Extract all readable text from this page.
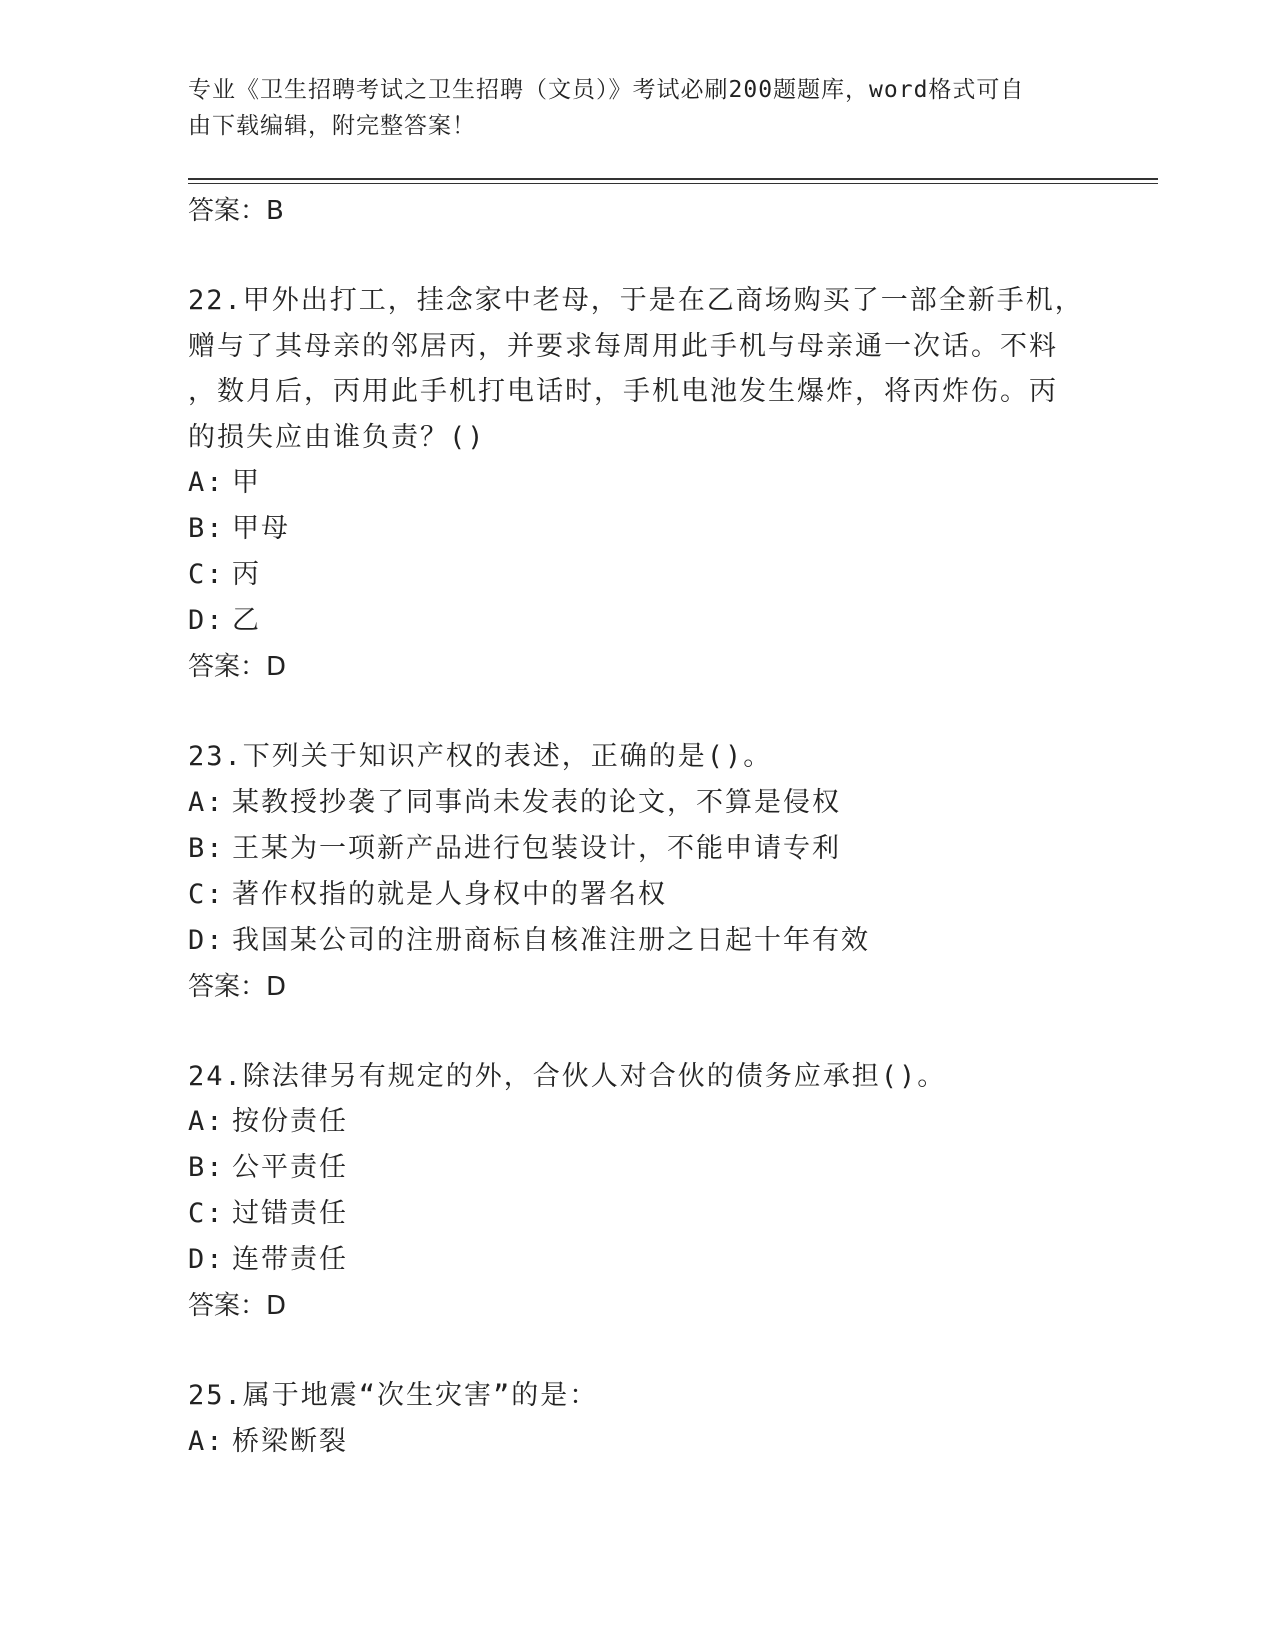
专业《卫生招聘考试之卫生招聘（文员）》考试必刷200题题库，word格式可自
由下载编辑，附完整答案！
答案：B
22.甲外出打工，挂念家中老母，于是在乙商场购买了一部全新手机，
赠与了其母亲的邻居丙，并要求每周用此手机与母亲通一次话。不料
，数月后，丙用此手机打电话时，手机电池发生爆炸，将丙炸伤。丙
的损失应由谁负责？()
A: 甲
B: 甲母
C: 丙
D: 乙
答案：D
23.下列关于知识产权的表述，正确的是()。
A: 某教授抄袭了同事尚未发表的论文，不算是侵权
B: 王某为一项新产品进行包装设计，不能申请专利
C: 著作权指的就是人身权中的署名权
D: 我国某公司的注册商标自核准注册之日起十年有效
答案：D
24.除法律另有规定的外，合伙人对合伙的债务应承担()。
A: 按份责任
B: 公平责任
C: 过错责任
D: 连带责任
答案：D
25.属于地震“次生灾害”的是：
A: 桥梁断裂
